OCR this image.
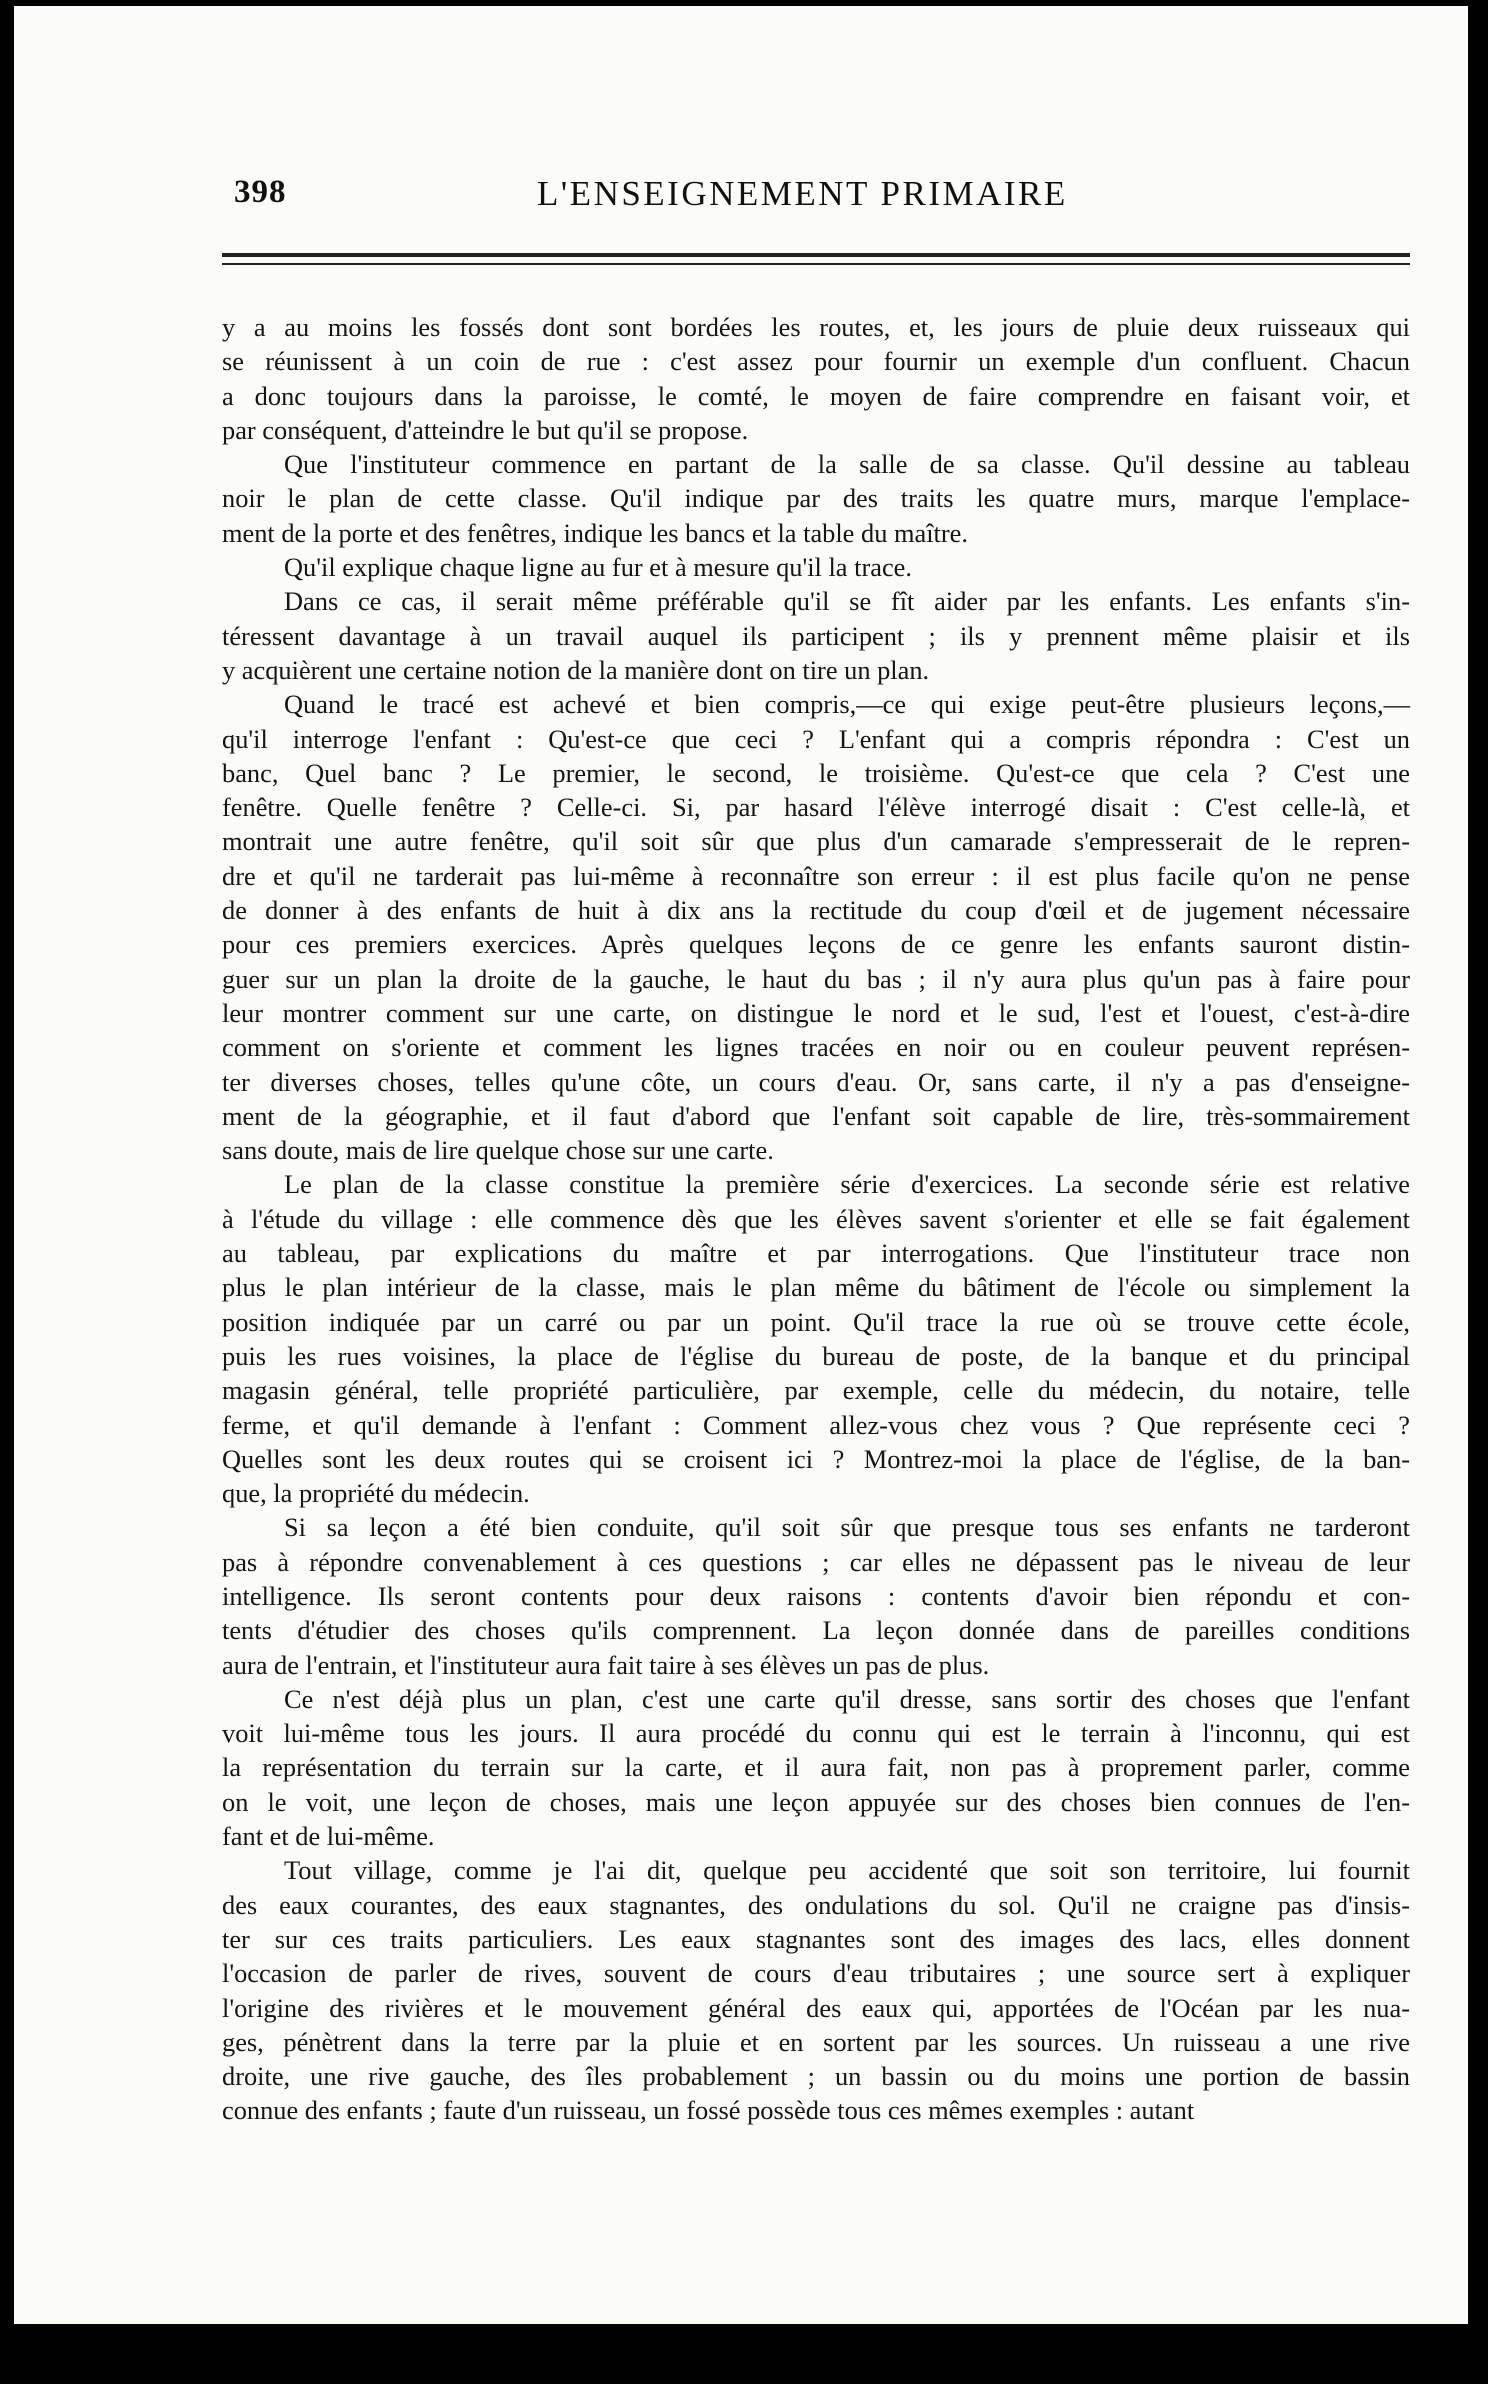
398	L'ENSEIGNEMENT PRIMAIRE

y a au moins les fossés dont sont bordées les routes, et, les jours de pluie deux ruisseaux qui
se réunissent à un coin de rue : c'est assez pour fournir un exemple d'un confluent. Chacun
a donc toujours dans la paroisse, le comté, le moyen de faire comprendre en faisant voir, et
par conséquent, d'atteindre le but qu'il se propose.

Que l'instituteur commence en partant de la salle de sa classe. Qu'il dessine au tableau
noir le plan de cette classe. Qu'il indique par des traits les quatre murs, marque l'emplace-
ment de la porte et des fenêtres, indique les bancs et la table du maître.

Qu'il explique chaque ligne au fur et à mesure qu'il la trace.

Dans ce cas, il serait même préférable qu'il se fît aider par les enfants. Les enfants s'in-
téressent davantage à un travail auquel ils participent ; ils y prennent même plaisir et ils
y acquièrent une certaine notion de la manière dont on tire un plan.

Quand le tracé est achevé et bien compris,—ce qui exige peut-être plusieurs leçons,—
qu'il interroge l'enfant : Qu'est-ce que ceci ? L'enfant qui a compris répondra : C'est un
banc, Quel banc ? Le premier, le second, le troisième. Qu'est-ce que cela ? C'est une
fenêtre. Quelle fenêtre ? Celle-ci. Si, par hasard l'élève interrogé disait : C'est celle-là, et
montrait une autre fenêtre, qu'il soit sûr que plus d'un camarade s'empresserait de le repren-
dre et qu'il ne tarderait pas lui-même à reconnaître son erreur : il est plus facile qu'on ne pense
de donner à des enfants de huit à dix ans la rectitude du coup d'œil et de jugement nécessaire
pour ces premiers exercices. Après quelques leçons de ce genre les enfants sauront distin-
guer sur un plan la droite de la gauche, le haut du bas ; il n'y aura plus qu'un pas à faire pour
leur montrer comment sur une carte, on distingue le nord et le sud, l'est et l'ouest, c'est-à-dire
comment on s'oriente et comment les lignes tracées en noir ou en couleur peuvent représen-
ter diverses choses, telles qu'une côte, un cours d'eau. Or, sans carte, il n'y a pas d'enseigne-
ment de la géographie, et il faut d'abord que l'enfant soit capable de lire, très-sommairement
sans doute, mais de lire quelque chose sur une carte.

Le plan de la classe constitue la première série d'exercices. La seconde série est relative
à l'étude du village : elle commence dès que les élèves savent s'orienter et elle se fait également
au tableau, par explications du maître et par interrogations. Que l'instituteur trace non
plus le plan intérieur de la classe, mais le plan même du bâtiment de l'école ou simplement la
position indiquée par un carré ou par un point. Qu'il trace la rue où se trouve cette école,
puis les rues voisines, la place de l'église du bureau de poste, de la banque et du principal
magasin général, telle propriété particulière, par exemple, celle du médecin, du notaire, telle
ferme, et qu'il demande à l'enfant : Comment allez-vous chez vous ? Que représente ceci ?
Quelles sont les deux routes qui se croisent ici ? Montrez-moi la place de l'église, de la ban-
que, la propriété du médecin.

Si sa leçon a été bien conduite, qu'il soit sûr que presque tous ses enfants ne tarderont
pas à répondre convenablement à ces questions ; car elles ne dépassent pas le niveau de leur
intelligence. Ils seront contents pour deux raisons : contents d'avoir bien répondu et con-
tents d'étudier des choses qu'ils comprennent. La leçon donnée dans de pareilles conditions
aura de l'entrain, et l'instituteur aura fait taire à ses élèves un pas de plus.

Ce n'est déjà plus un plan, c'est une carte qu'il dresse, sans sortir des choses que l'enfant
voit lui-même tous les jours. Il aura procédé du connu qui est le terrain à l'inconnu, qui est
la représentation du terrain sur la carte, et il aura fait, non pas à proprement parler, comme
on le voit, une leçon de choses, mais une leçon appuyée sur des choses bien connues de l'en-
fant et de lui-même.

Tout village, comme je l'ai dit, quelque peu accidenté que soit son territoire, lui fournit
des eaux courantes, des eaux stagnantes, des ondulations du sol. Qu'il ne craigne pas d'insis-
ter sur ces traits particuliers. Les eaux stagnantes sont des images des lacs, elles donnent
l'occasion de parler de rives, souvent de cours d'eau tributaires ; une source sert à expliquer
l'origine des rivières et le mouvement général des eaux qui, apportées de l'Océan par les nua-
ges, pénètrent dans la terre par la pluie et en sortent par les sources. Un ruisseau a une rive
droite, une rive gauche, des îles probablement ; un bassin ou du moins une portion de bassin
connue des enfants ; faute d'un ruisseau, un fossé possède tous ces mêmes exemples : autant
